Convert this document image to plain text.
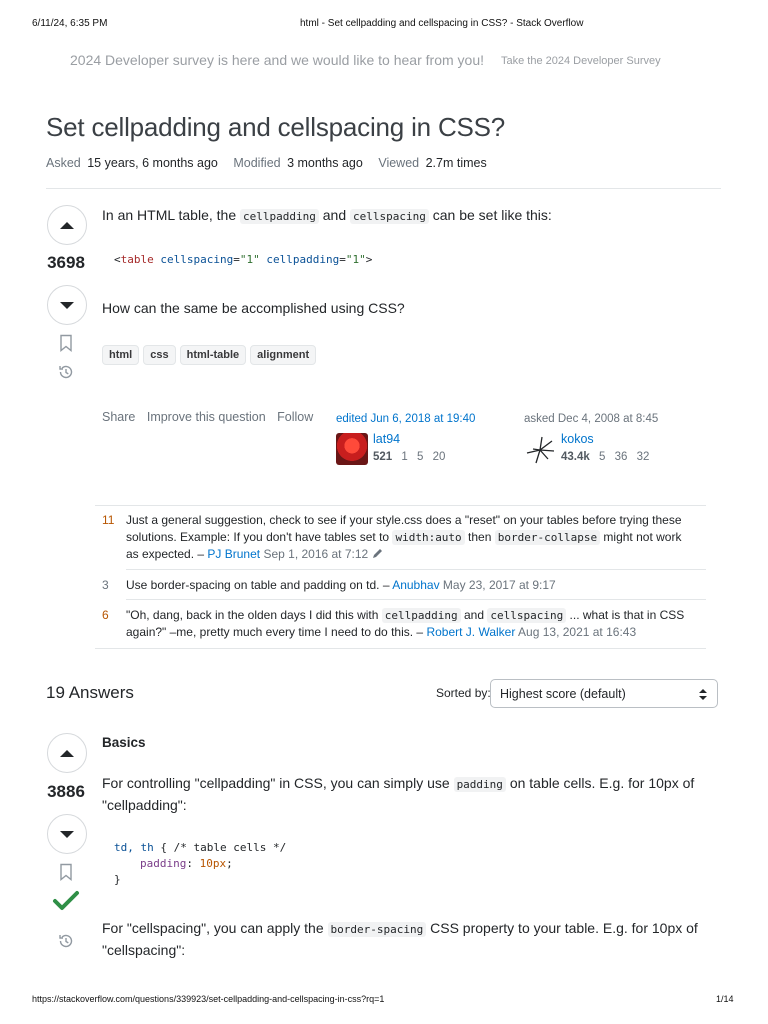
6/11/24, 6:35 PM	html - Set cellpadding and cellspacing in CSS? - Stack Overflow
2024 Developer survey is here and we would like to hear from you! Take the 2024 Developer Survey
Set cellpadding and cellspacing in CSS?
Asked 15 years, 6 months ago Modified 3 months ago Viewed 2.7m times
3698
In an HTML table, the cellpadding and cellspacing can be set like this:
<table cellspacing="1" cellpadding="1">
How can the same be accomplished using CSS?
html css html-table alignment
Share Improve this question Follow	edited Jun 6, 2018 at 19:40
lat94
521 1 5 20
asked Dec 4, 2008 at 8:45
kokos
43.4k 5 36 32
11 Just a general suggestion, check to see if your style.css does a "reset" on your tables before trying these
solutions. Example: If you don't have tables set to width:auto then border-collapse might not work
as expected. – PJ Brunet Sep 1, 2016 at 7:12
3	Use border-spacing on table and padding on td. – Anubhav May 23, 2017 at 9:17
6	"Oh, dang, back in the olden days I did this with cellpadding and cellspacing ... what is that in CSS
again?" –me, pretty much every time I need to do this. – Robert J. Walker Aug 13, 2021 at 16:43
19 Answers	Sorted by: Highest score (default)
3886
Basics
For controlling "cellpadding" in CSS, you can simply use padding on table cells. E.g. for 10px of
"cellpadding":
td, th { /* table cells */
padding: 10px;
}
For "cellspacing", you can apply the border-spacing CSS property to your table. E.g. for 10px of
"cellspacing":
https://stackoverflow.com/questions/339923/set-cellpadding-and-cellspacing-in-css?rq=1	1/14
